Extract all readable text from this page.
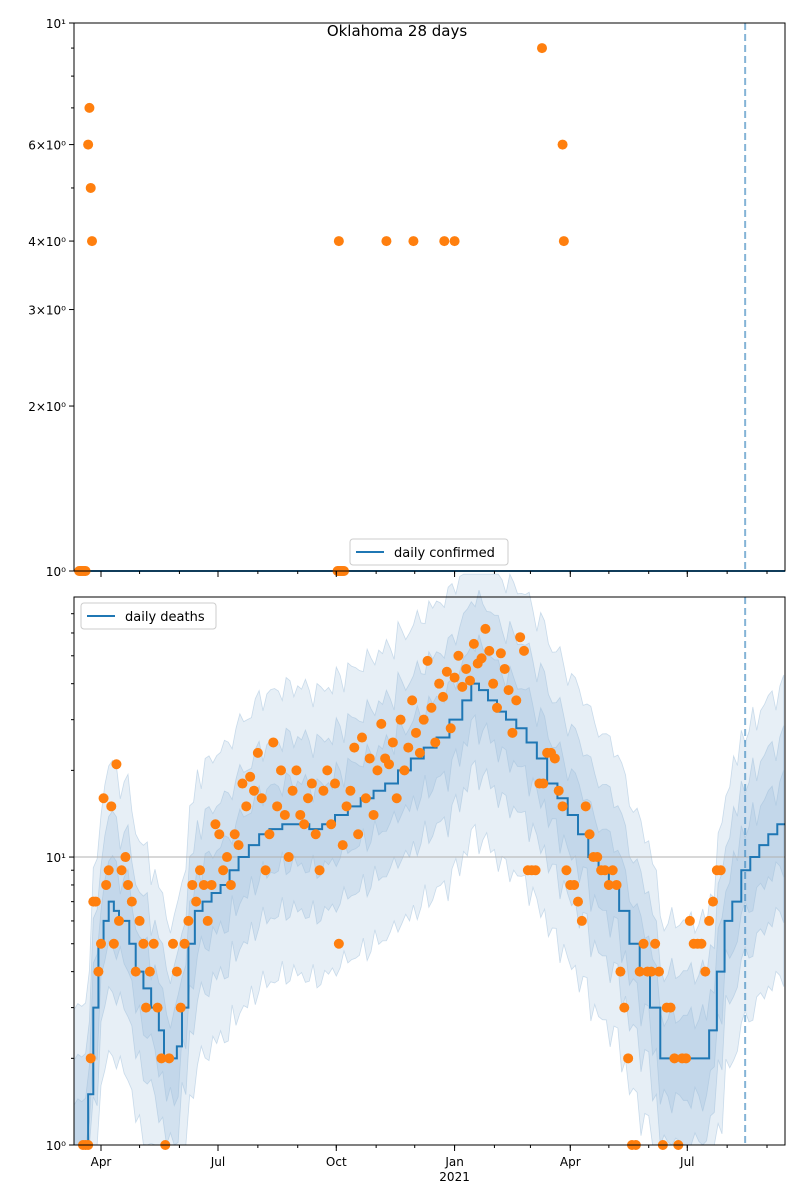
Oklahoma 28 days
10⁰
2×10⁰
3×10⁰
4×10⁰
6×10⁰
10¹
daily confirmed
10⁰
10¹
Apr	Jul	Oct	Jan
2021
Apr	Jul
daily deaths
